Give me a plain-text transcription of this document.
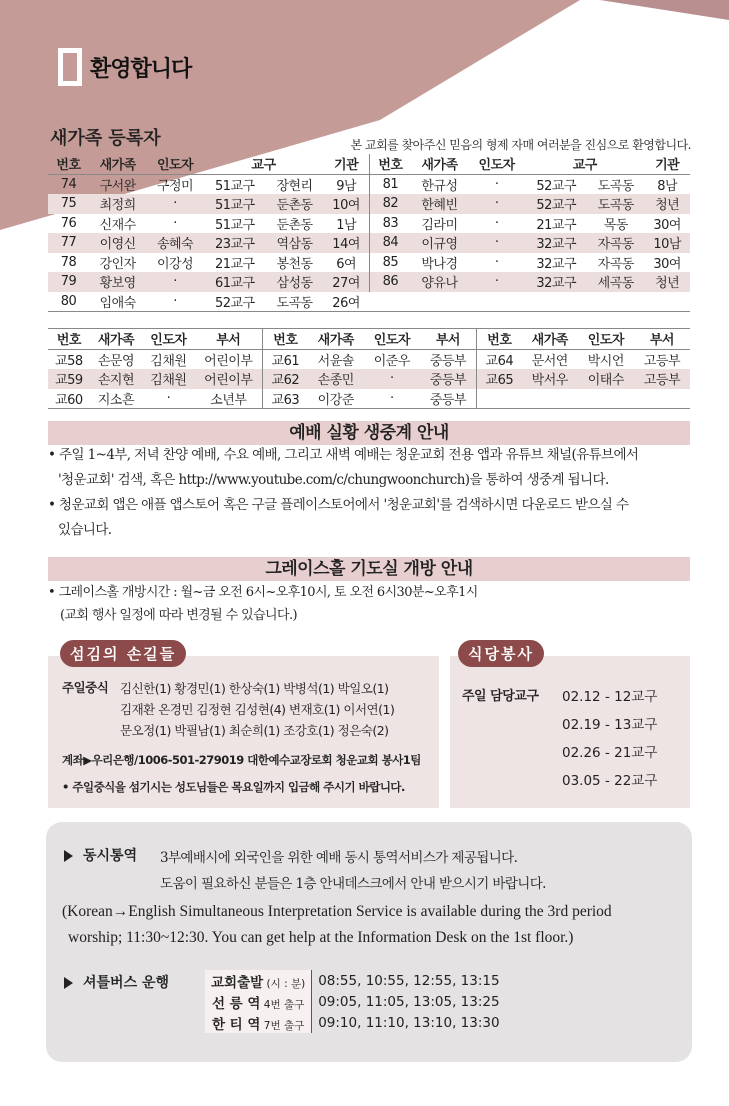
환영합니다
새가족 등록자	본 교회를 찾아주신 믿음의 형제 자매 여러분을 진심으로 환영합니다.
번호	새가족	인도자	교구		기관
74	구서완	구정미	51교구	장현리	9남
75	최정희	·	51교구	둔촌동	10여
76	신재수	·	51교구	둔촌동	1남
77	이영신	송혜숙	23교구	역삼동	14여
78	강인자	이강성	21교구	봉천동	6여
79	황보영	·	61교구	삼성동	27여
80	임애숙	·	52교구	도곡동	26여
번호	새가족	인도자	교구		기관
81	한규성	·	52교구	도곡동	8남
82	한혜빈	·	52교구	도곡동	청년
83	김라미	·	21교구	목동	30여
84	이규영	·	32교구	자곡동	10남
85	박나경	·	32교구	자곡동	30여
86	양유나	·	32교구	세곡동	청년
번호	새가족	인도자	부서
교58	손문영	김채원	어린이부
교59	손지현	김채원	어린이부
교60	지소흔	·	소년부
번호	새가족	인도자	부서
교61	서윤솔	이준우	중등부
교62	손종민	·	중등부
교63	이강준	·	중등부
번호	새가족	인도자	부서
교64	문서연	박시언	고등부
교65	박서우	이태수	고등부

예배 실황 생중계 안내
• 주일 1~4부, 저녁 찬양 예배, 수요 예배, 그리고 새벽 예배는 청운교회 전용 앱과 유튜브 채널(유튜브에서
'청운교회' 검색, 혹은 http://www.youtube.com/c/chungwoonchurch)을 통하여 생중계 됩니다.
• 청운교회 앱은 애플 앱스토어 혹은 구글 플레이스토어에서 '청운교회'를 검색하시면 다운로드 받으실 수
있습니다.
그레이스홀 기도실 개방 안내
• 그레이스홀 개방시간 : 월~금 오전 6시~오후10시, 토 오전 6시30분~오후1시
(교회 행사 일정에 따라 변경될 수 있습니다.)
섬김의 손길들
주일중식 김신한(1) 황경민(1) 한상숙(1) 박병석(1) 박일오(1)
김재환 온경민 김정현 김성현(4) 변재호(1) 이서연(1)
문오정(1) 박필남(1) 최순희(1) 조강호(1) 정은숙(2)
계좌▶우리은행/1006-501-279019 대한예수교장로회 청운교회 봉사1팀
• 주일중식을 섬기시는 성도님들은 목요일까지 입금해 주시기 바랍니다.
식당봉사
주일 담당교구 02.12 - 12교구
02.19 - 13교구
02.26 - 21교구
03.05 - 22교구
동시통역 3부예배시에 외국인을 위한 예배 동시 통역서비스가 제공됩니다.
도움이 필요하신 분들은 1층 안내데스크에서 안내 받으시기 바랍니다.
(Korean→English Simultaneous Interpretation Service is available during the 3rd period
worship; 11:30~12:30. You can get help at the Information Desk on the 1st floor.)
셔틀버스 운행	교회출발 (시 : 분)	08:55, 10:55, 12:55, 13:15
선 릉 역 4번 출구	09:05, 11:05, 13:05, 13:25
한 티 역 7번 출구	09:10, 11:10, 13:10, 13:30
